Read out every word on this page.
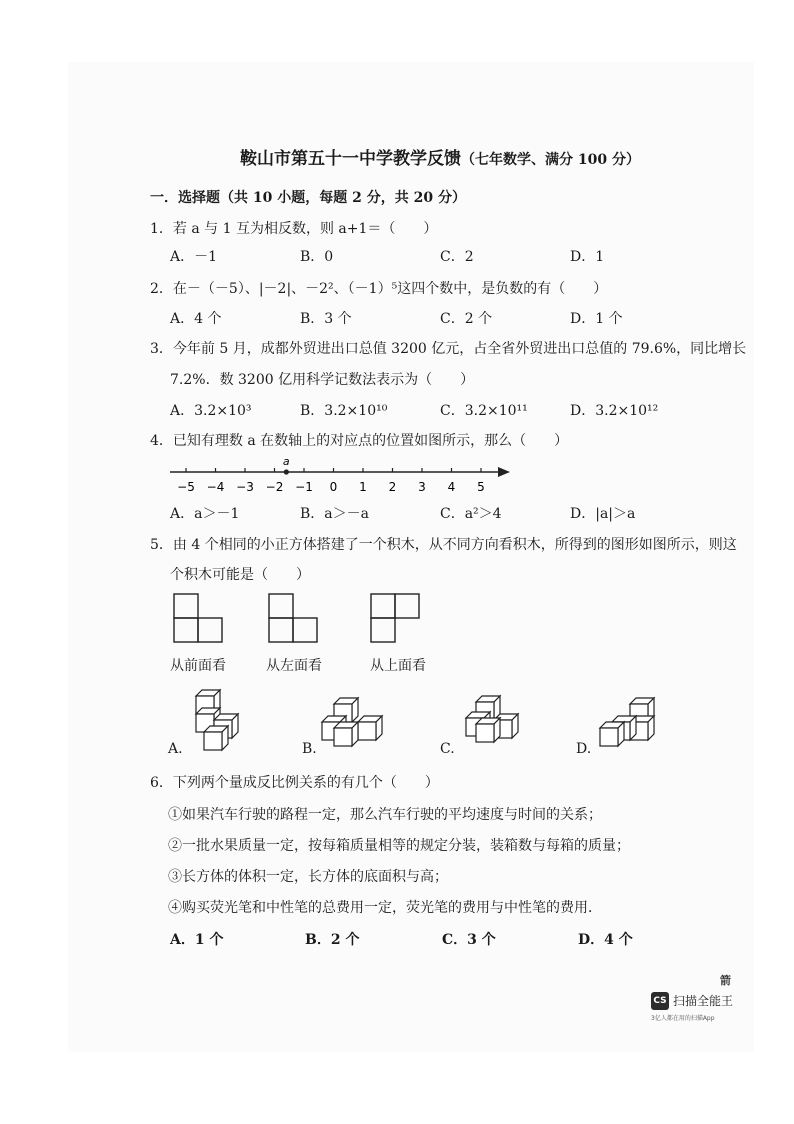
鞍山市第五十一中学教学反馈（七年数学、满分 100 分）
一．选择题（共 10 小题，每题 2 分，共 20 分）
1．若 a 与 1 互为相反数，则 a+1＝（　　）
A．－1	B．0	C．2	D．1
2．在－（－5）、|－2|、－2²、（－1）⁵这四个数中，是负数的有（　　）
A．4 个	B．3 个	C．2 个	D．1 个
3．今年前 5 月，成都外贸进出口总值 3200 亿元，占全省外贸进出口总值的 79.6%，同比增长
7.2%．数 3200 亿用科学记数法表示为（　　）
A．3.2×10³	B．3.2×10¹⁰	C．3.2×10¹¹	D．3.2×10¹²
4．已知有理数 a 在数轴上的对应点的位置如图所示，那么（　　）
−5 −4 −3 −2 −1 0 1 2 3 4 5
a
A．a＞－1	B．a＞－a	C．a²＞4	D．|a|＞a
5．由 4 个相同的小正方体搭建了一个积木，从不同方向看积木，所得到的图形如图所示，则这
个积木可能是（　　）
从前面看	从左面看	从上面看
A.	B.	C.	D.
6．下列两个量成反比例关系的有几个（　　）
①如果汽车行驶的路程一定，那么汽车行驶的平均速度与时间的关系；
②一批水果质量一定，按每箱质量相等的规定分装，装箱数与每箱的质量；
③长方体的体积一定，长方体的底面积与高；
④购买荧光笔和中性笔的总费用一定，荧光笔的费用与中性笔的费用．
A．1 个	B．2 个	C．3 个	D．4 个
箭
CS 扫描全能王
3亿人都在用的扫描App
